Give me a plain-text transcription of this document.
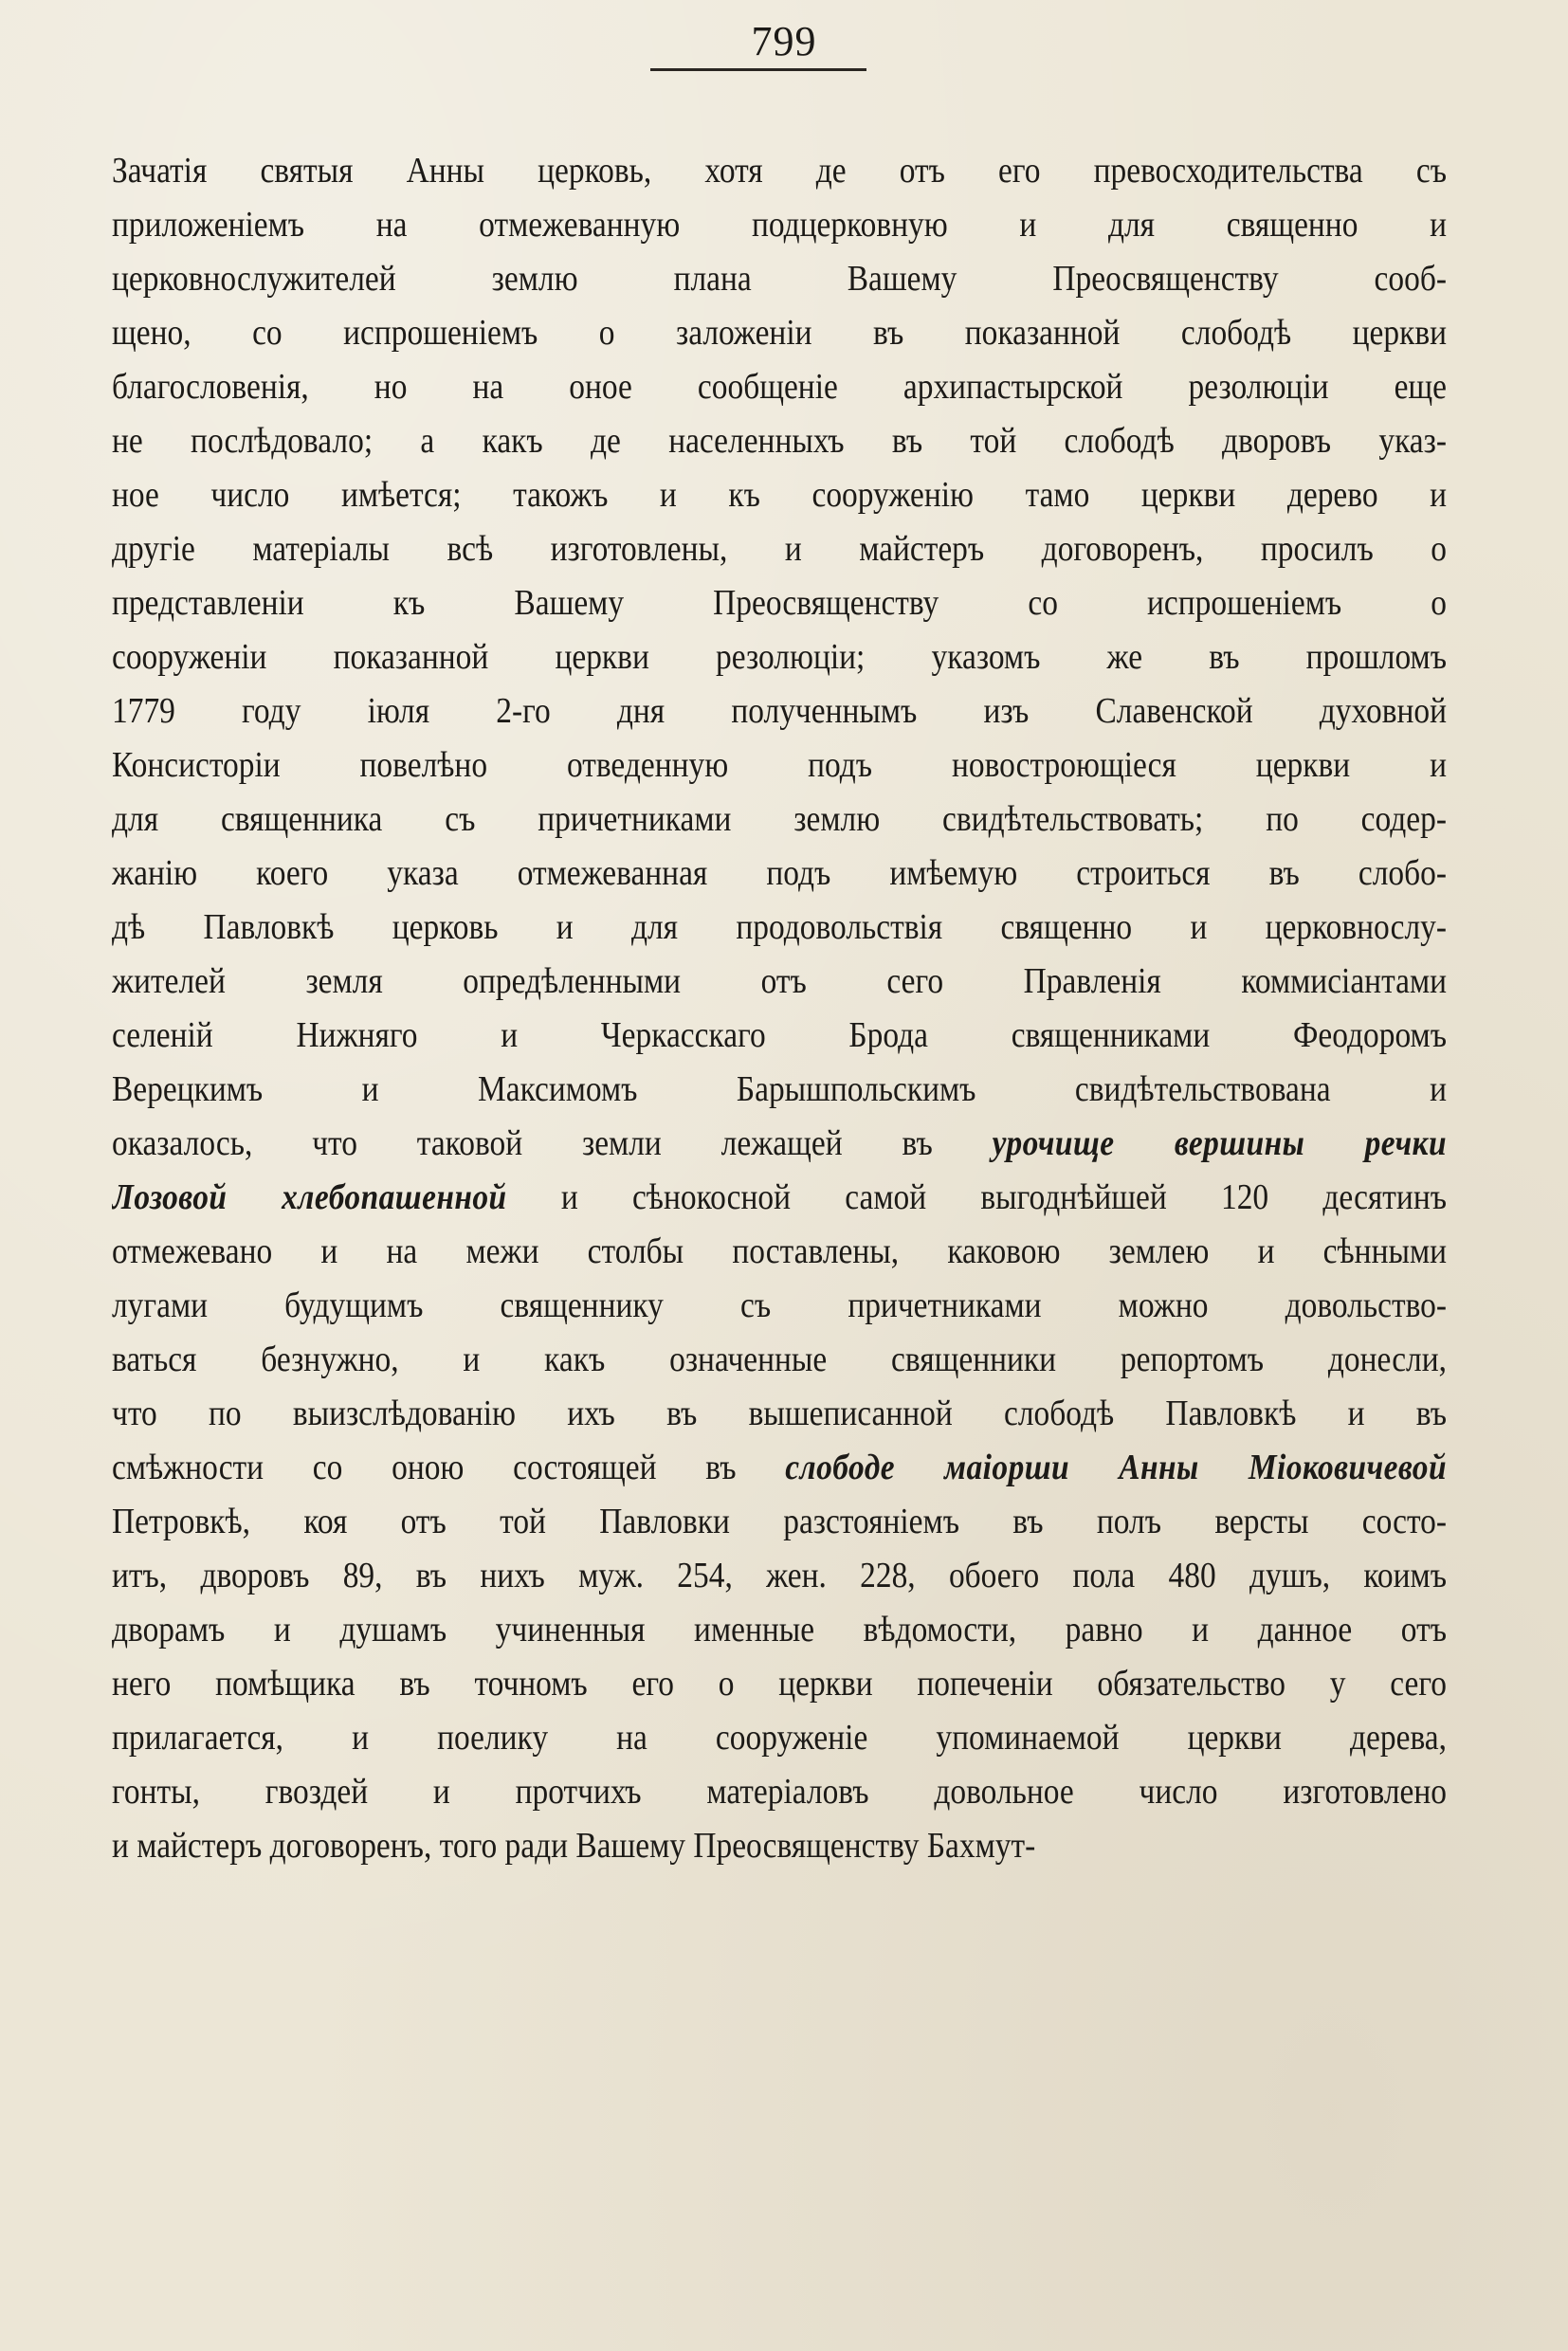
799
Зачатія святыя Анны церковь, хотя де отъ его превосходительства съ
приложеніемъ на отмежеванную подцерковную и для священно и
церковнослужителей землю плана Вашему Преосвященству сооб-
щено, со испрошеніемъ о заложеніи въ показанной слободѣ церкви
благословенія, но на оное сообщеніе архипастырской резолюціи еще
не послѣдовало; а какъ де населенныхъ въ той слободѣ дворовъ указ-
ное число имѣется; такожъ и къ сооруженію тамо церкви дерево и
другіе матеріалы всѣ изготовлены, и майстеръ договоренъ, просилъ о
представленіи къ Вашему Преосвященству со испрошеніемъ о
сооруженіи показанной церкви резолюціи; указомъ же въ прошломъ
1779 году іюля 2-го дня полученнымъ изъ Славенской духовной
Консисторіи повелѣно отведенную подъ новостроющіеся церкви и
для священника съ причетниками землю свидѣтельствовать; по содер-
жанію коего указа отмежеванная подъ имѣемую строиться въ слобо-
дѣ Павловкѣ церковь и для продовольствія священно и церковнослу-
жителей земля опредѣленными отъ сего Правленія коммисіантами
селеній Нижняго и Черкасскаго Брода священниками Феодоромъ
Верецкимъ и Максимомъ Барышпольскимъ свидѣтельствована и
оказалось, что таковой земли лежащей въ урочище вершины речки
Лозовой хлебопашенной и сѣнокосной самой выгоднѣйшей 120 десятинъ
отмежевано и на межи столбы поставлены, каковою землею и сѣнными
лугами будущимъ священнику съ причетниками можно довольство-
ваться безнужно, и какъ означенные священники репортомъ донесли,
что по выизслѣдованію ихъ въ вышеписанной слободѣ Павловкѣ и въ
смѣжности со оною состоящей въ слободе маіорши Анны Міоковичевой
Петровкѣ, коя отъ той Павловки разстояніемъ въ полъ версты состо-
итъ, дворовъ 89, въ нихъ муж. 254, жен. 228, обоего пола 480 душъ, коимъ
дворамъ и душамъ учиненныя именные вѣдомости, равно и данное отъ
него помѣщика въ точномъ его о церкви попеченіи обязательство у сего
прилагается, и поелику на сооруженіе упоминаемой церкви дерева,
гонты, гвоздей и протчихъ матеріаловъ довольное число изготовлено
и майстеръ договоренъ, того ради Вашему Преосвященству Бахмут-
